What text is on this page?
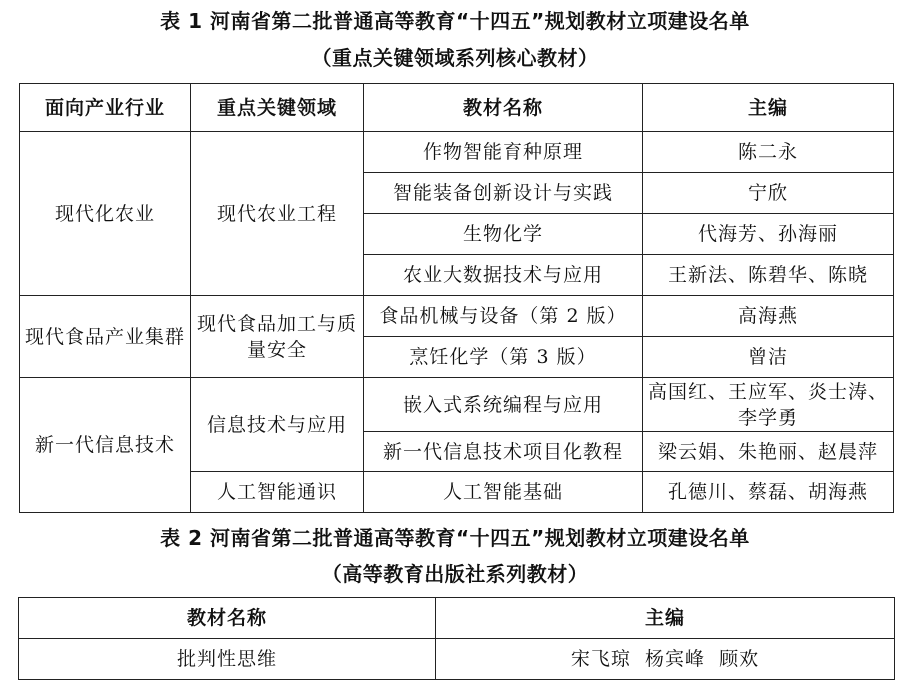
表 1 河南省第二批普通高等教育“十四五”规划教材立项建设名单
（重点关键领域系列核心教材）
面向产业行业	重点关键领域	教材名称	主编
现代化农业	现代农业工程	作物智能育种原理	陈二永
		智能装备创新设计与实践	宁欣
		生物化学	代海芳、孙海丽
		农业大数据技术与应用	王新法、陈碧华、陈晓
现代食品产业集群	现代食品加工与质量安全	食品机械与设备（第 2 版）	高海燕
		烹饪化学（第 3 版）	曾洁
新一代信息技术	信息技术与应用	嵌入式系统编程与应用	高国红、王应军、炎士涛、李学勇
		新一代信息技术项目化教程	梁云娟、朱艳丽、赵晨萍
	人工智能通识	人工智能基础	孔德川、蔡磊、胡海燕
表 2 河南省第二批普通高等教育“十四五”规划教材立项建设名单
（高等教育出版社系列教材）
教材名称	主编
批判性思维	宋飞琼  杨宾峰  顾欢
